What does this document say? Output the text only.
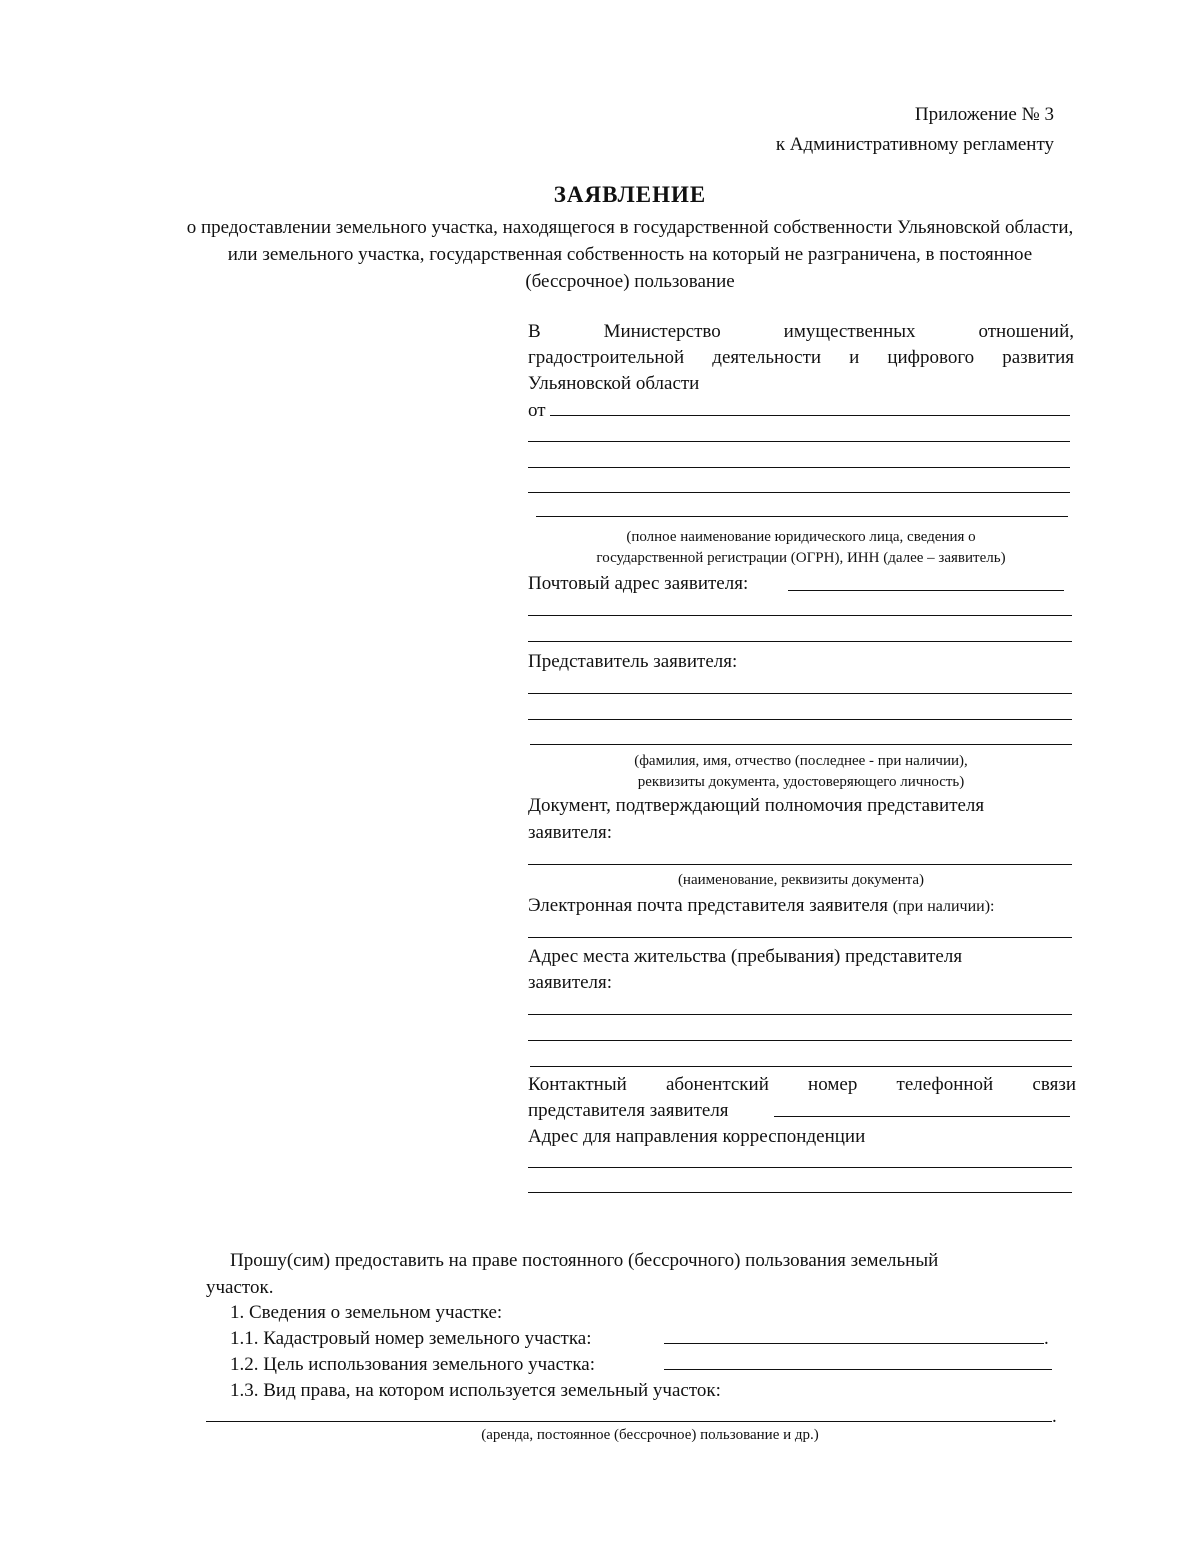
Приложение № 3
к Административному регламенту
ЗАЯВЛЕНИЕ
о предоставлении земельного участка, находящегося в государственной собственности Ульяновской области, или земельного участка, государственная собственность на который не разграничена, в постоянное (бессрочное) пользование
В Министерство имущественных отношений,
градостроительной деятельности и цифрового развития
Ульяновской области
от
(полное наименование юридического лица, сведения о
государственной регистрации (ОГРН), ИНН (далее – заявитель)
Почтовый адрес заявителя:
Представитель заявителя:
(фамилия, имя, отчество (последнее - при наличии),
реквизиты документа, удостоверяющего личность)
Документ, подтверждающий полномочия представителя
заявителя:
(наименование, реквизиты документа)
Электронная почта представителя заявителя (при наличии):
Адрес места жительства (пребывания) представителя
заявителя:
Контактный абонентский номер телефонной связи
представителя заявителя
Адрес для направления корреспонденции
Прошу(сим) предоставить на праве постоянного (бессрочного) пользования земельный
участок.
1. Сведения о земельном участке:
1.1. Кадастровый номер земельного участка:	.
1.2. Цель использования земельного участка:
1.3. Вид права, на котором используется земельный участок:
.
(аренда, постоянное (бессрочное) пользование и др.)
